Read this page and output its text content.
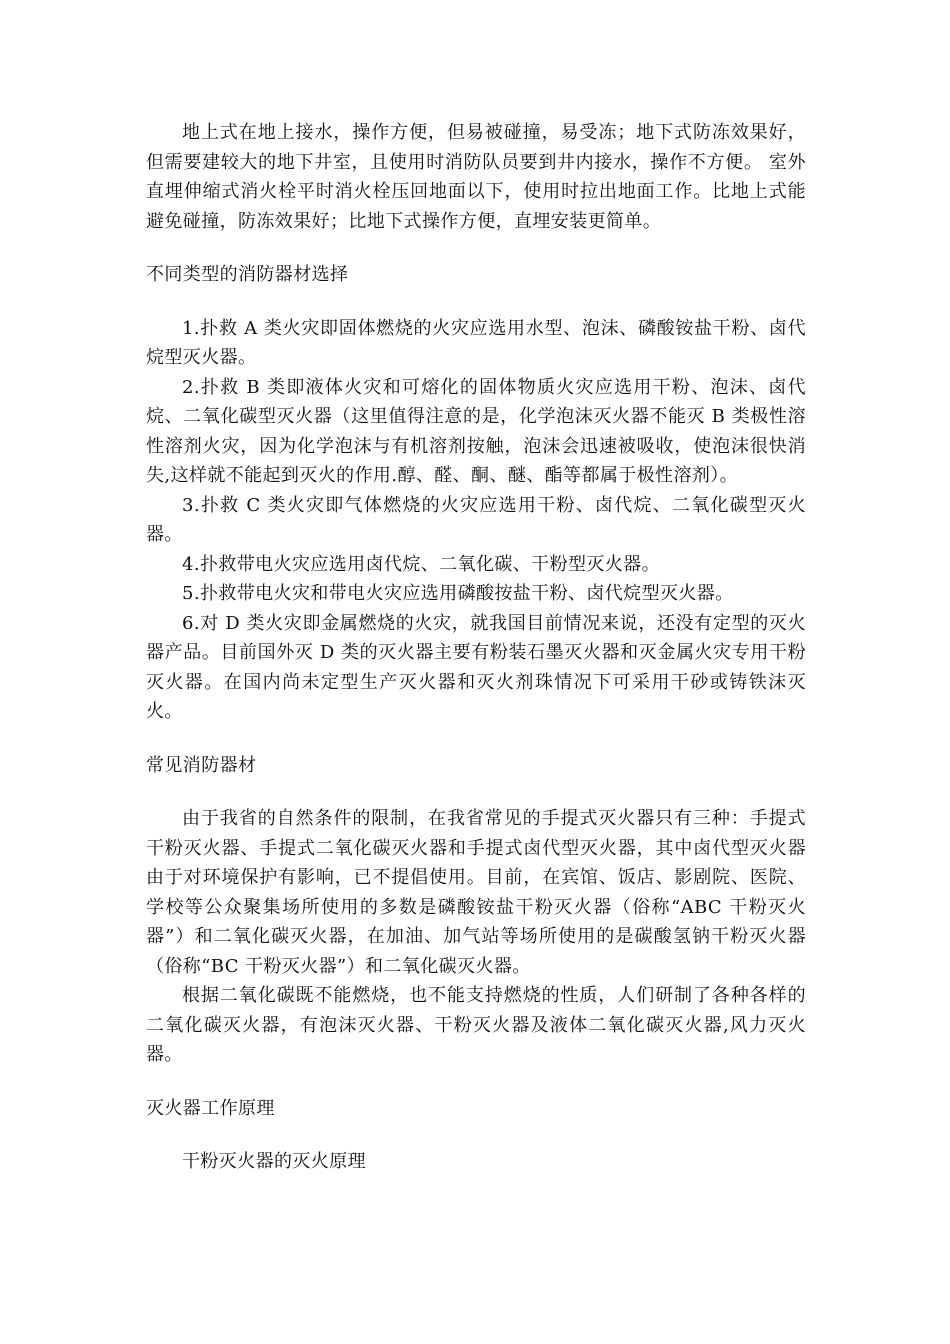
地上式在地上接水，操作方便，但易被碰撞，易受冻；地下式防冻效果好，但需要建较大的地下井室，且使用时消防队员要到井内接水，操作不方便。 室外直埋伸缩式消火栓平时消火栓压回地面以下，使用时拉出地面工作。比地上式能避免碰撞，防冻效果好；比地下式操作方便，直埋安装更简单。

不同类型的消防器材选择

1.扑救 A 类火灾即固体燃烧的火灾应选用水型、泡沫、磷酸铵盐干粉、卤代烷型灭火器。

2.扑救 B 类即液体火灾和可熔化的固体物质火灾应选用干粉、泡沫、卤代烷、二氧化碳型灭火器（这里值得注意的是，化学泡沫灭火器不能灭 B 类极性溶性溶剂火灾，因为化学泡沫与有机溶剂按触，泡沫会迅速被吸收，使泡沫很快消失,这样就不能起到灭火的作用.醇、醛、酮、醚、酯等都属于极性溶剂）。

3.扑救 C 类火灾即气体燃烧的火灾应选用干粉、卤代烷、二氧化碳型灭火器。

4.扑救带电火灾应选用卤代烷、二氧化碳、干粉型灭火器。

5.扑救带电火灾和带电火灾应选用磷酸按盐干粉、卤代烷型灭火器。

6.对 D 类火灾即金属燃烧的火灾，就我国目前情况来说，还没有定型的灭火器产品。目前国外灭 D 类的灭火器主要有粉装石墨灭火器和灭金属火灾专用干粉灭火器。在国内尚未定型生产灭火器和灭火剂珠情况下可采用干砂或铸铁沫灭火。

常见消防器材

由于我省的自然条件的限制，在我省常见的手提式灭火器只有三种：手提式干粉灭火器、手提式二氧化碳灭火器和手提式卤代型灭火器，其中卤代型灭火器由于对环境保护有影响，已不提倡使用。目前，在宾馆、饭店、影剧院、医院、学校等公众聚集场所使用的多数是磷酸铵盐干粉灭火器（俗称“ABC 干粉灭火器”）和二氧化碳灭火器，在加油、加气站等场所使用的是碳酸氢钠干粉灭火器（俗称“BC 干粉灭火器”）和二氧化碳灭火器。

根据二氧化碳既不能燃烧，也不能支持燃烧的性质，人们研制了各种各样的二氧化碳灭火器，有泡沫灭火器、干粉灭火器及液体二氧化碳灭火器,风力灭火器。

灭火器工作原理

干粉灭火器的灭火原理
